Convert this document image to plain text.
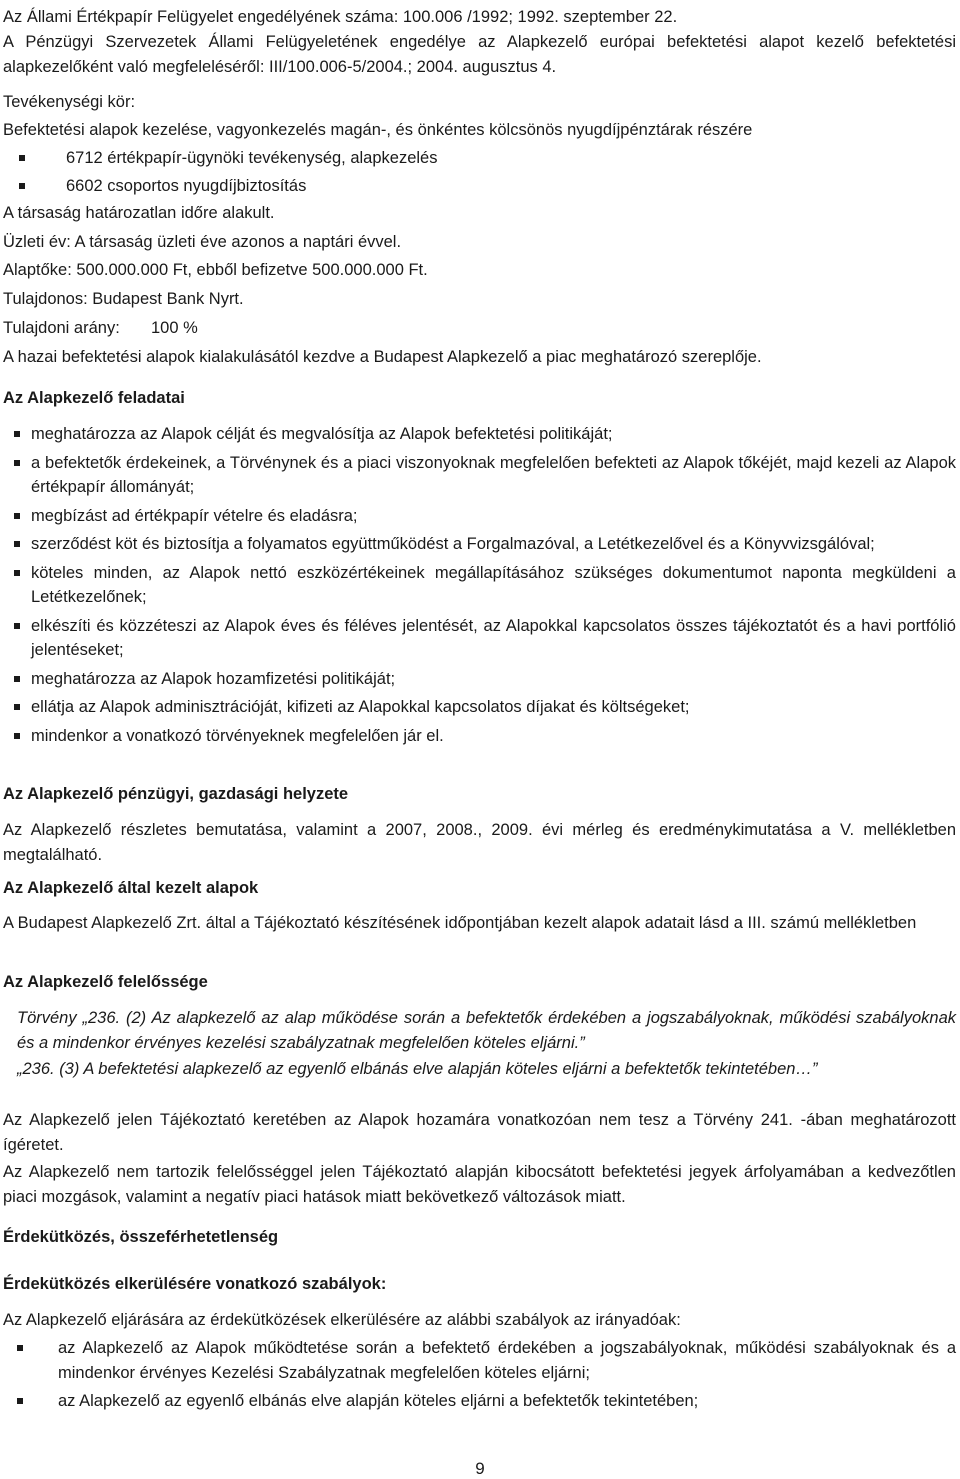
Az Állami Értékpapír Felügyelet engedélyének száma: 100.006 /1992; 1992. szeptember 22.
A Pénzügyi Szervezetek Állami Felügyeletének engedélye az Alapkezelő európai befektetési alapot kezelő befektetési alapkezelőként való megfeleléséről: III/100.006-5/2004.; 2004. augusztus 4.
Tevékenységi kör:
Befektetési alapok kezelése, vagyonkezelés magán-, és önkéntes kölcsönös nyugdíjpénztárak részére
6712 értékpapír-ügynöki tevékenység, alapkezelés
6602 csoportos nyugdíjbiztosítás
A társaság határozatlan időre alakult.
Üzleti év: A társaság üzleti éve azonos a naptári évvel.
Alaptőke: 500.000.000 Ft, ebből befizetve 500.000.000 Ft.
Tulajdonos: Budapest Bank Nyrt.
Tulajdoni arány: 100 %
A hazai befektetési alapok kialakulásától kezdve a Budapest Alapkezelő a piac meghatározó szereplője.
Az Alapkezelő feladatai
meghatározza az Alapok célját és megvalósítja az Alapok befektetési politikáját;
a befektetők érdekeinek, a Törvénynek és a piaci viszonyoknak megfelelően befekteti az Alapok tőkéjét, majd kezeli az Alapok értékpapír állományát;
megbízást ad értékpapír vételre és eladásra;
szerződést köt és biztosítja a folyamatos együttműködést a Forgalmazóval, a Letétkezelővel és a Könyvvizsgálóval;
köteles minden, az Alapok nettó eszközértékeinek megállapításához szükséges dokumentumot naponta megküldeni a Letétkezelőnek;
elkészíti és közzéteszi az Alapok éves és féléves jelentését, az Alapokkal kapcsolatos összes tájékoztatót és a havi portfólió jelentéseket;
meghatározza az Alapok hozamfizetési politikáját;
ellátja az Alapok adminisztrációját, kifizeti az Alapokkal kapcsolatos díjakat és költségeket;
mindenkor a vonatkozó törvényeknek megfelelően jár el.
Az Alapkezelő pénzügyi, gazdasági helyzete
Az Alapkezelő részletes bemutatása, valamint a 2007, 2008., 2009. évi mérleg és eredménykimutatása a V. mellékletben megtalálható.
Az Alapkezelő által kezelt alapok
A Budapest Alapkezelő Zrt. által a Tájékoztató készítésének időpontjában kezelt alapok adatait lásd a III. számú mellékletben
Az Alapkezelő felelőssége
Törvény „236. (2) Az alapkezelő az alap működése során a befektetők érdekében a jogszabályoknak, működési szabályoknak és a mindenkor érvényes kezelési szabályzatnak megfelelően köteles eljárni.”
„236. (3) A befektetési alapkezelő az egyenlő elbánás elve alapján köteles eljárni a befektetők tekintetében…”
Az Alapkezelő jelen Tájékoztató keretében az Alapok hozamára vonatkozóan nem tesz a Törvény 241. -ában meghatározott ígéretet.
Az Alapkezelő nem tartozik felelősséggel jelen Tájékoztató alapján kibocsátott befektetési jegyek árfolyamában a kedvezőtlen piaci mozgások, valamint a negatív piaci hatások miatt bekövetkező változások miatt.
Érdekütközés, összeférhetetlenség
Érdekütközés elkerülésére vonatkozó szabályok:
Az Alapkezelő eljárására az érdekütközések elkerülésére az alábbi szabályok az irányadóak:
az Alapkezelő az Alapok működtetése során a befektető érdekében a jogszabályoknak, működési szabályoknak és a mindenkor érvényes Kezelési Szabályzatnak megfelelően köteles eljárni;
az Alapkezelő az egyenlő elbánás elve alapján köteles eljárni a befektetők tekintetében;
9
